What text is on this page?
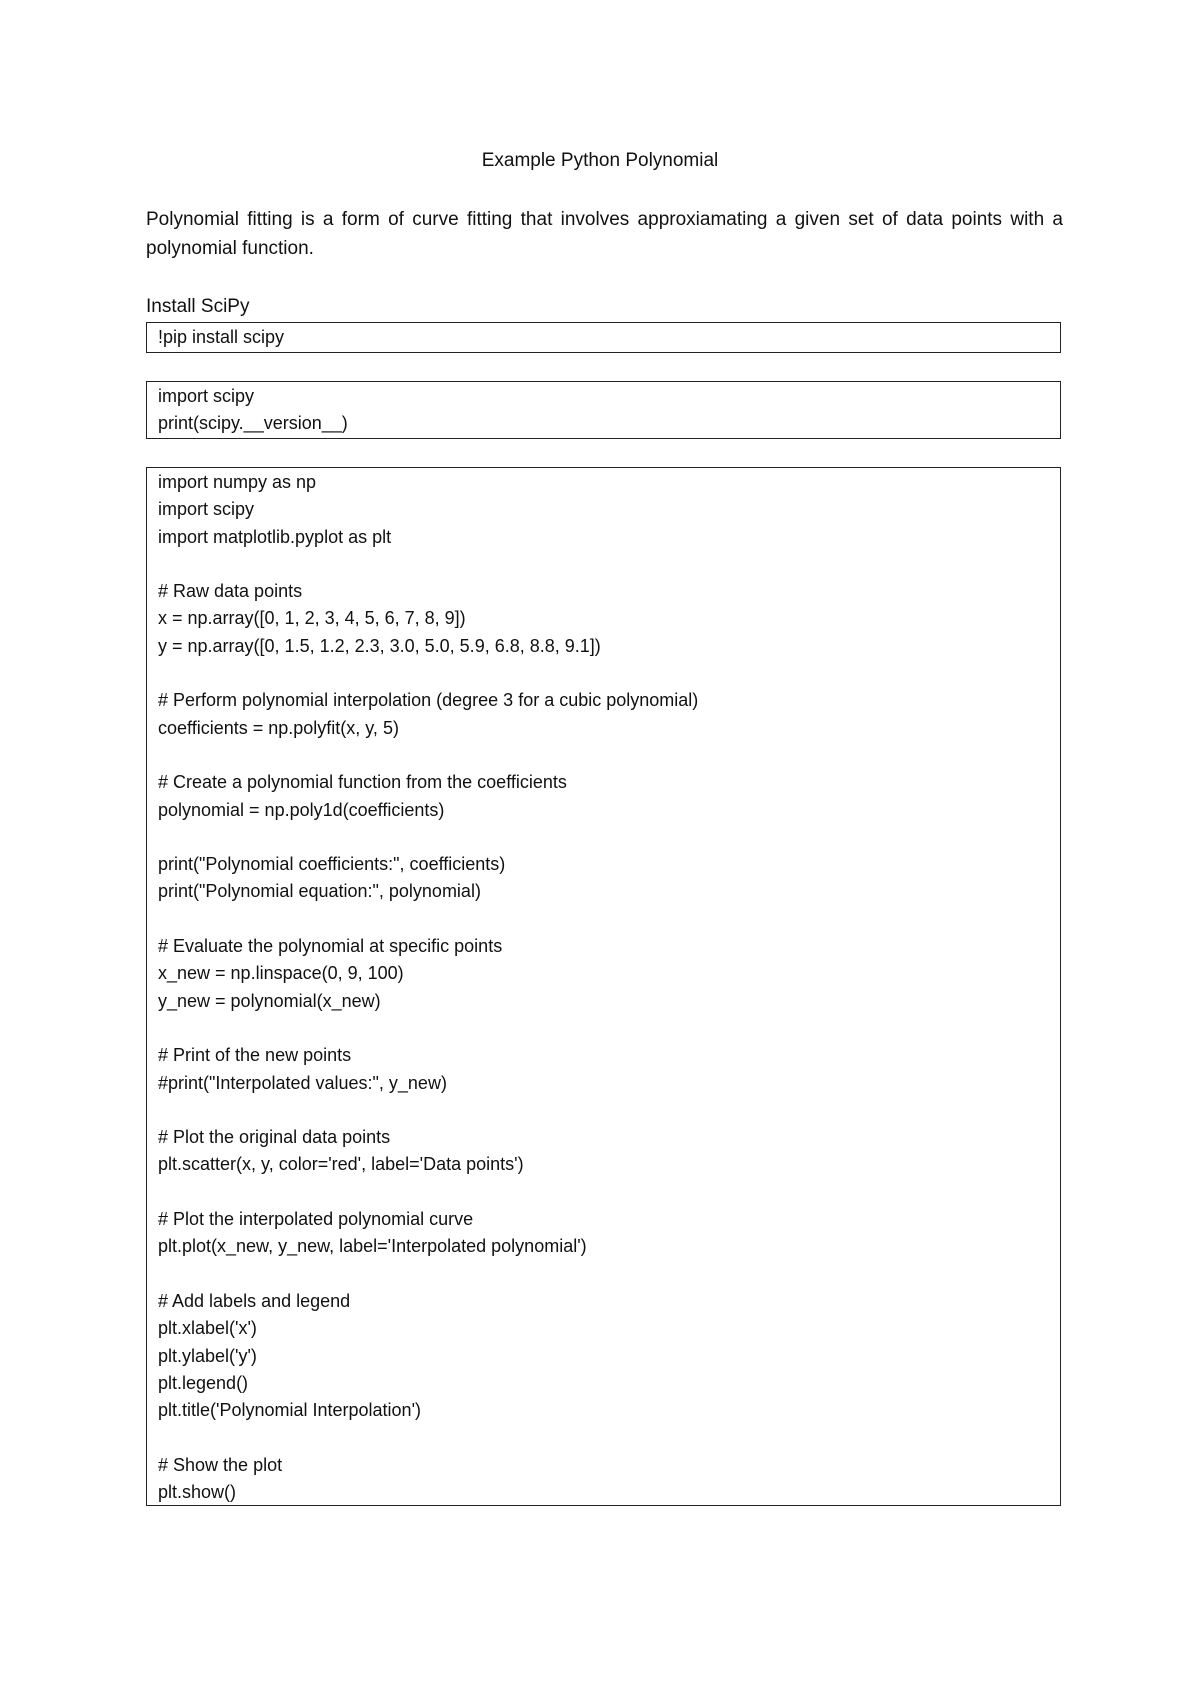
Example Python Polynomial
Polynomial fitting is a form of curve fitting that involves approxiamating a given set of data points with a polynomial function.
Install SciPy
!pip install scipy
import scipy
print(scipy.__version__)
import numpy as np
import scipy
import matplotlib.pyplot as plt
# Raw data points
x = np.array([0, 1, 2, 3, 4, 5, 6, 7, 8, 9])
y = np.array([0, 1.5, 1.2, 2.3, 3.0, 5.0, 5.9, 6.8, 8.8, 9.1])
# Perform polynomial interpolation (degree 3 for a cubic polynomial)
coefficients = np.polyfit(x, y, 5)
# Create a polynomial function from the coefficients
polynomial = np.poly1d(coefficients)
print("Polynomial coefficients:", coefficients)
print("Polynomial equation:", polynomial)
# Evaluate the polynomial at specific points
x_new = np.linspace(0, 9, 100)
y_new = polynomial(x_new)
# Print of the new points
#print("Interpolated values:", y_new)
# Plot the original data points
plt.scatter(x, y, color='red', label='Data points')
# Plot the interpolated polynomial curve
plt.plot(x_new, y_new, label='Interpolated polynomial')
# Add labels and legend
plt.xlabel('x')
plt.ylabel('y')
plt.legend()
plt.title('Polynomial Interpolation')
# Show the plot
plt.show()
